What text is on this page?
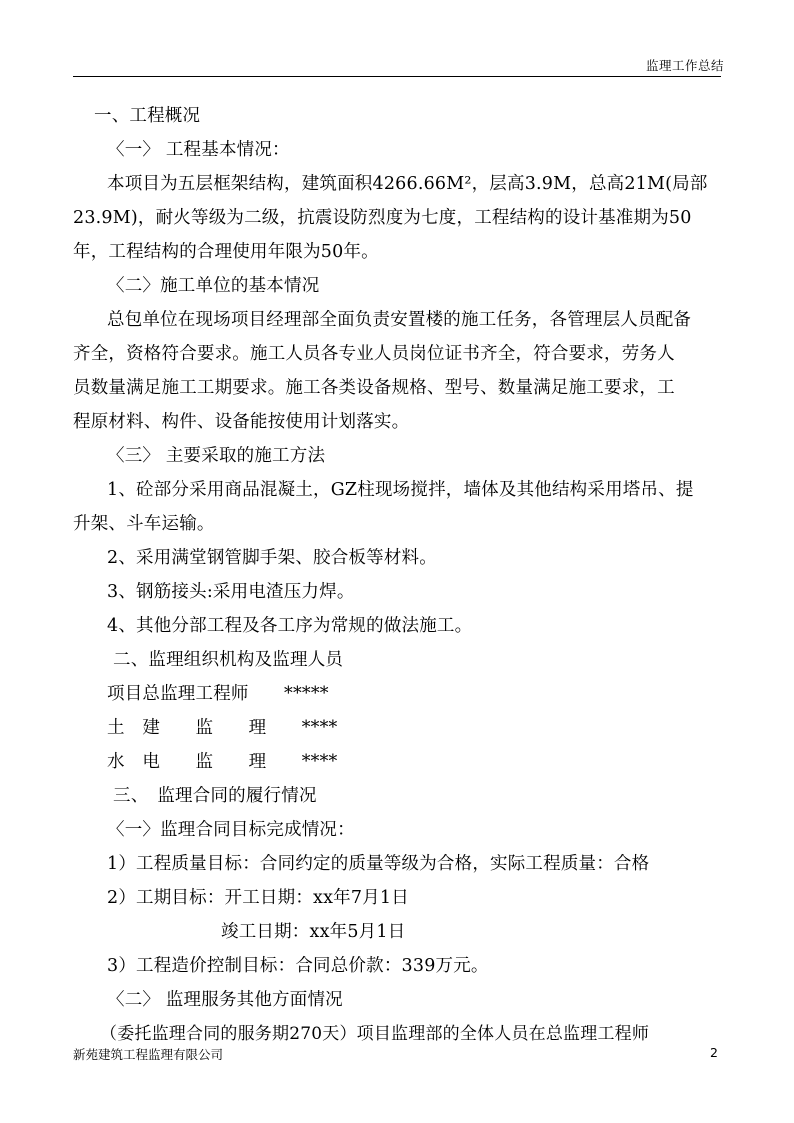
监理工作总结
一、工程概况
〈一〉 工程基本情况：
本项目为五层框架结构，建筑面积4266.66M²，层高3.9M，总高21M(局部
23.9M)，耐火等级为二级，抗震设防烈度为七度，工程结构的设计基准期为50
年，工程结构的合理使用年限为50年。
〈二〉施工单位的基本情况
总包单位在现场项目经理部全面负责安置楼的施工任务，各管理层人员配备
齐全，资格符合要求。施工人员各专业人员岗位证书齐全，符合要求，劳务人
员数量满足施工工期要求。施工各类设备规格、型号、数量满足施工要求，工
程原材料、构件、设备能按使用计划落实。
〈三〉 主要采取的施工方法
1、砼部分采用商品混凝土，GZ柱现场搅拌，墙体及其他结构采用塔吊、提
升架、斗车运输。
2、采用满堂钢管脚手架、胶合板等材料。
3、钢筋接头:采用电渣压力焊。
4、其他分部工程及各工序为常规的做法施工。
二、监理组织机构及监理人员
项目总监理工程师　　*****
土　建　　监　　理　　****
水　电　　监　　理　　****
三、　监理合同的履行情况
〈一〉监理合同目标完成情况：
1）工程质量目标：合同约定的质量等级为合格，实际工程质量：合格
2）工期目标：开工日期：xx年7月1日
竣工日期：xx年5月1日
3）工程造价控制目标：合同总价款：339万元。
〈二〉 监理服务其他方面情况
（委托监理合同的服务期270天）项目监理部的全体人员在总监理工程师
新苑建筑工程监理有限公司	2
